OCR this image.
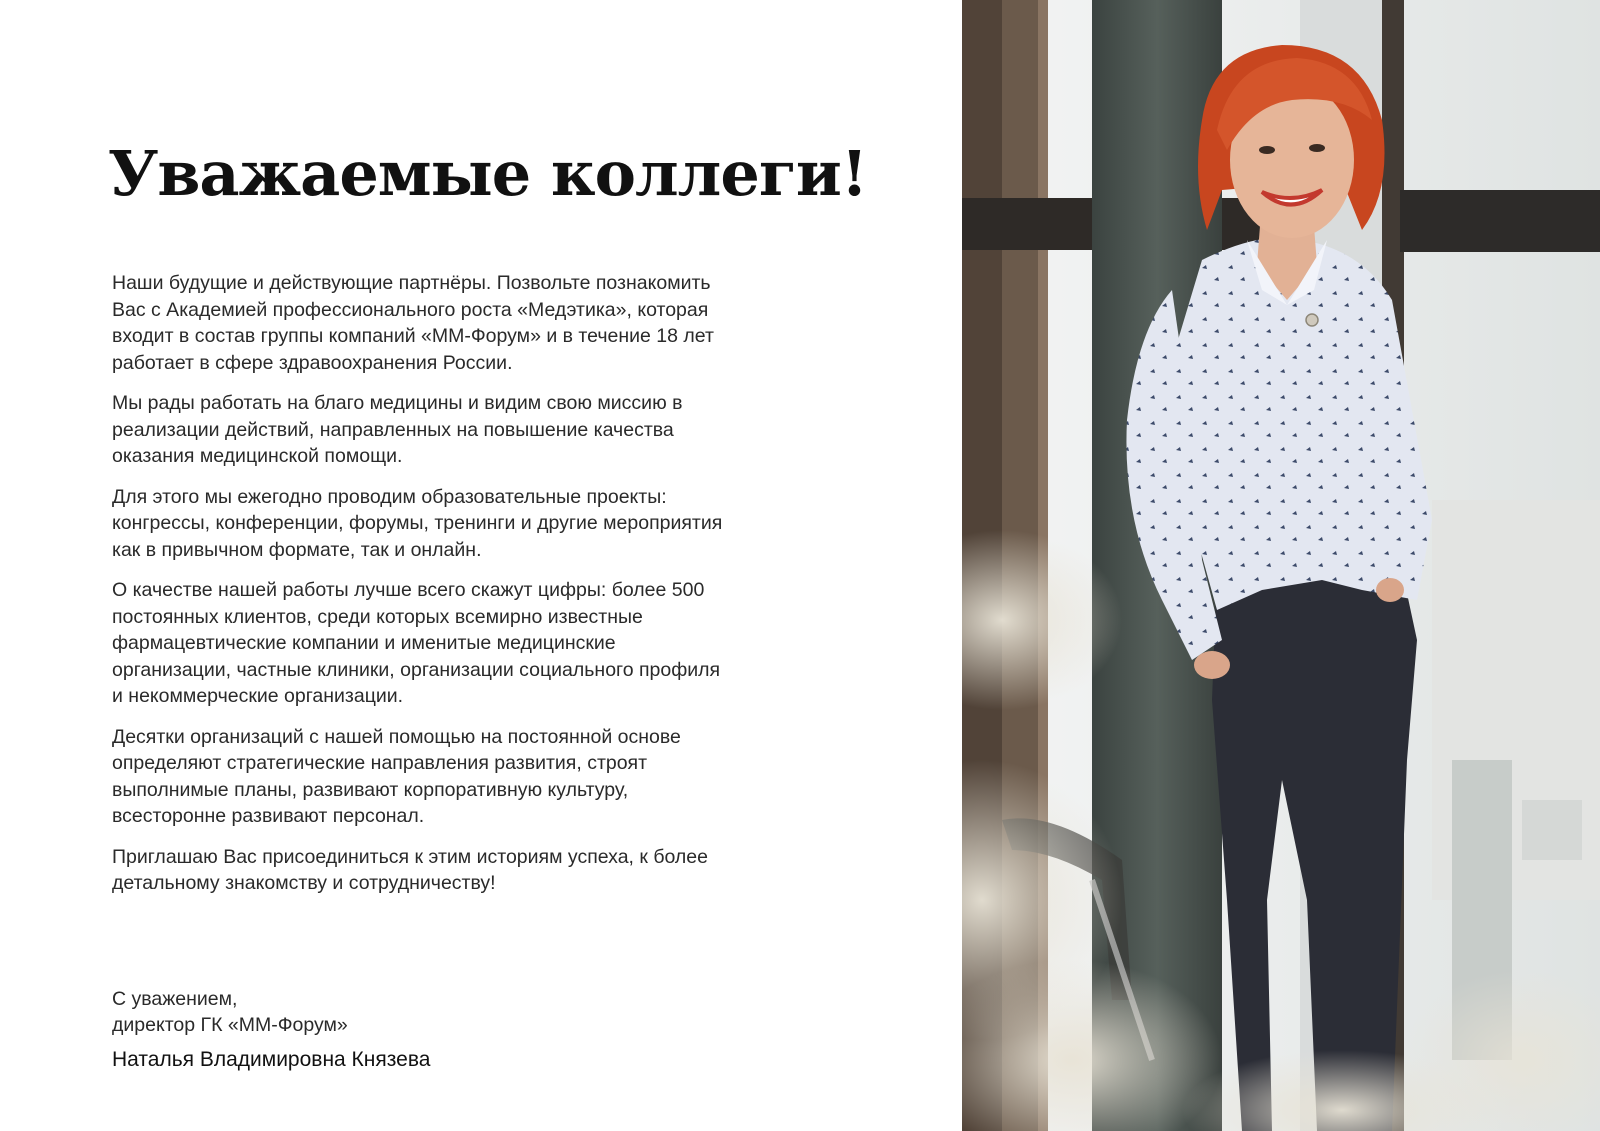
Уважаемые коллеги!

Наши будущие и действующие партнёры. Позвольте познакомить Вас с Академией профессионального роста «Медэтика», которая входит в состав группы компаний «ММ-Форум» и в течение 18 лет работает в сфере здравоохранения России.

Мы рады работать на благо медицины и видим свою миссию в реализации действий, направленных на повышение качества оказания медицинской помощи.

Для этого мы ежегодно проводим образовательные проекты: конгрессы, конференции, форумы, тренинги и другие мероприятия как в привычном формате, так и онлайн.

О качестве нашей работы лучше всего скажут цифры: более 500 постоянных клиентов, среди которых всемирно известные фармацевтические компании и именитые медицинские организации, частные клиники, организации социального профиля и некоммерческие организации.

Десятки организаций с нашей помощью на постоянной основе определяют стратегические направления развития, строят выполнимые планы, развивают корпоративную культуру, всесторонне развивают персонал.

Приглашаю Вас присоединиться к этим историям успеха, к более детальному знакомству и сотрудничеству!

С уважением,
директор ГК «ММ-Форум»
Наталья Владимировна Князева
